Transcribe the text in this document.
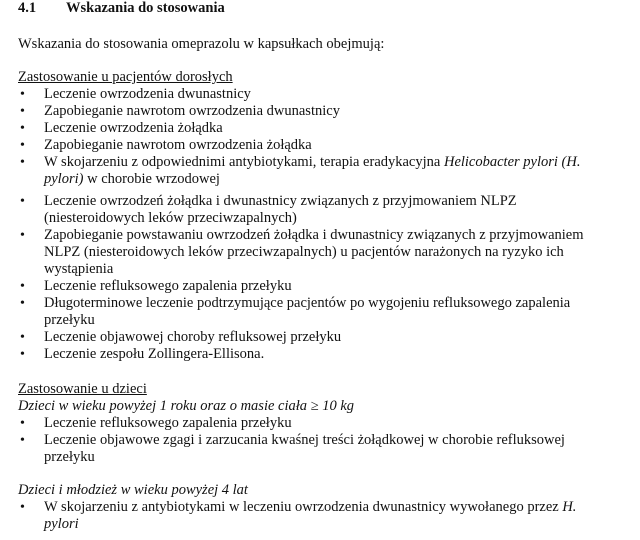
4.1 Wskazania do stosowania
Wskazania do stosowania omeprazolu w kapsułkach obejmują:
Zastosowanie u pacjentów dorosłych
• Leczenie owrzodzenia dwunastnicy
• Zapobieganie nawrotom owrzodzenia dwunastnicy
• Leczenie owrzodzenia żołądka
• Zapobieganie nawrotom owrzodzenia żołądka
• W skojarzeniu z odpowiednimi antybiotykami, terapia eradykacyjna Helicobacter pylori (H. pylori) w chorobie wrzodowej
• Leczenie owrzodzeń żołądka i dwunastnicy związanych z przyjmowaniem NLPZ (niesteroidowych leków przeciwzapalnych)
• Zapobieganie powstawaniu owrzodzeń żołądka i dwunastnicy związanych z przyjmowaniem NLPZ (niesteroidowych leków przeciwzapalnych) u pacjentów narażonych na ryzyko ich wystąpienia
• Leczenie refluksowego zapalenia przełyku
• Długoterminowe leczenie podtrzymujące pacjentów po wygojeniu refluksowego zapalenia przełyku
• Leczenie objawowej choroby refluksowej przełyku
• Leczenie zespołu Zollingera-Ellisona.
Zastosowanie u dzieci
Dzieci w wieku powyżej 1 roku oraz o masie ciała ≥ 10 kg
• Leczenie refluksowego zapalenia przełyku
• Leczenie objawowe zgagi i zarzucania kwaśnej treści żołądkowej w chorobie refluksowej przełyku
Dzieci i młodzież w wieku powyżej 4 lat
• W skojarzeniu z antybiotykami w leczeniu owrzodzenia dwunastnicy wywołanego przez H. pylori
